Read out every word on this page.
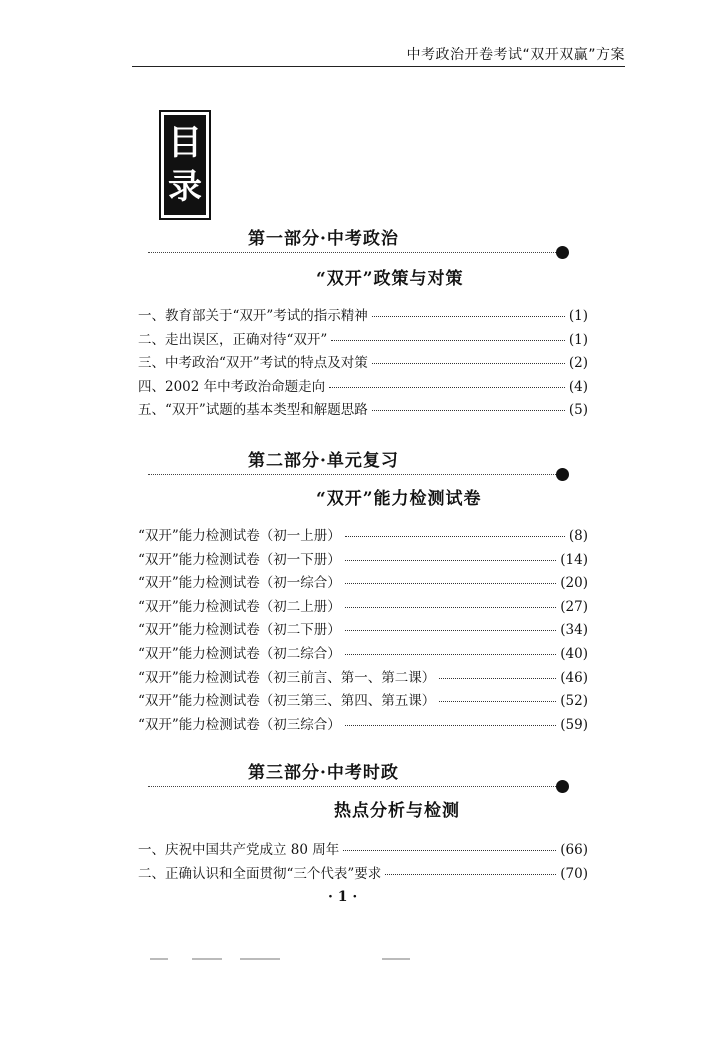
中考政治开卷考试“双开双赢”方案
目
录
第一部分·中考政治
“双开”政策与对策
一、教育部关于“双开”考试的指示精神	(1)
二、走出误区，正确对待“双开”	(1)
三、中考政治“双开”考试的特点及对策	(2)
四、2002 年中考政治命题走向	(4)
五、“双开”试题的基本类型和解题思路	(5)
第二部分·单元复习
“双开”能力检测试卷
“双开”能力检测试卷（初一上册）	(8)
“双开”能力检测试卷（初一下册）	(14)
“双开”能力检测试卷（初一综合）	(20)
“双开”能力检测试卷（初二上册）	(27)
“双开”能力检测试卷（初二下册）	(34)
“双开”能力检测试卷（初二综合）	(40)
“双开”能力检测试卷（初三前言、第一、第二课）	(46)
“双开”能力检测试卷（初三第三、第四、第五课）	(52)
“双开”能力检测试卷（初三综合）	(59)
第三部分·中考时政
热点分析与检测
一、庆祝中国共产党成立 80 周年	(66)
二、正确认识和全面贯彻“三个代表”要求	(70)
· 1 ·
